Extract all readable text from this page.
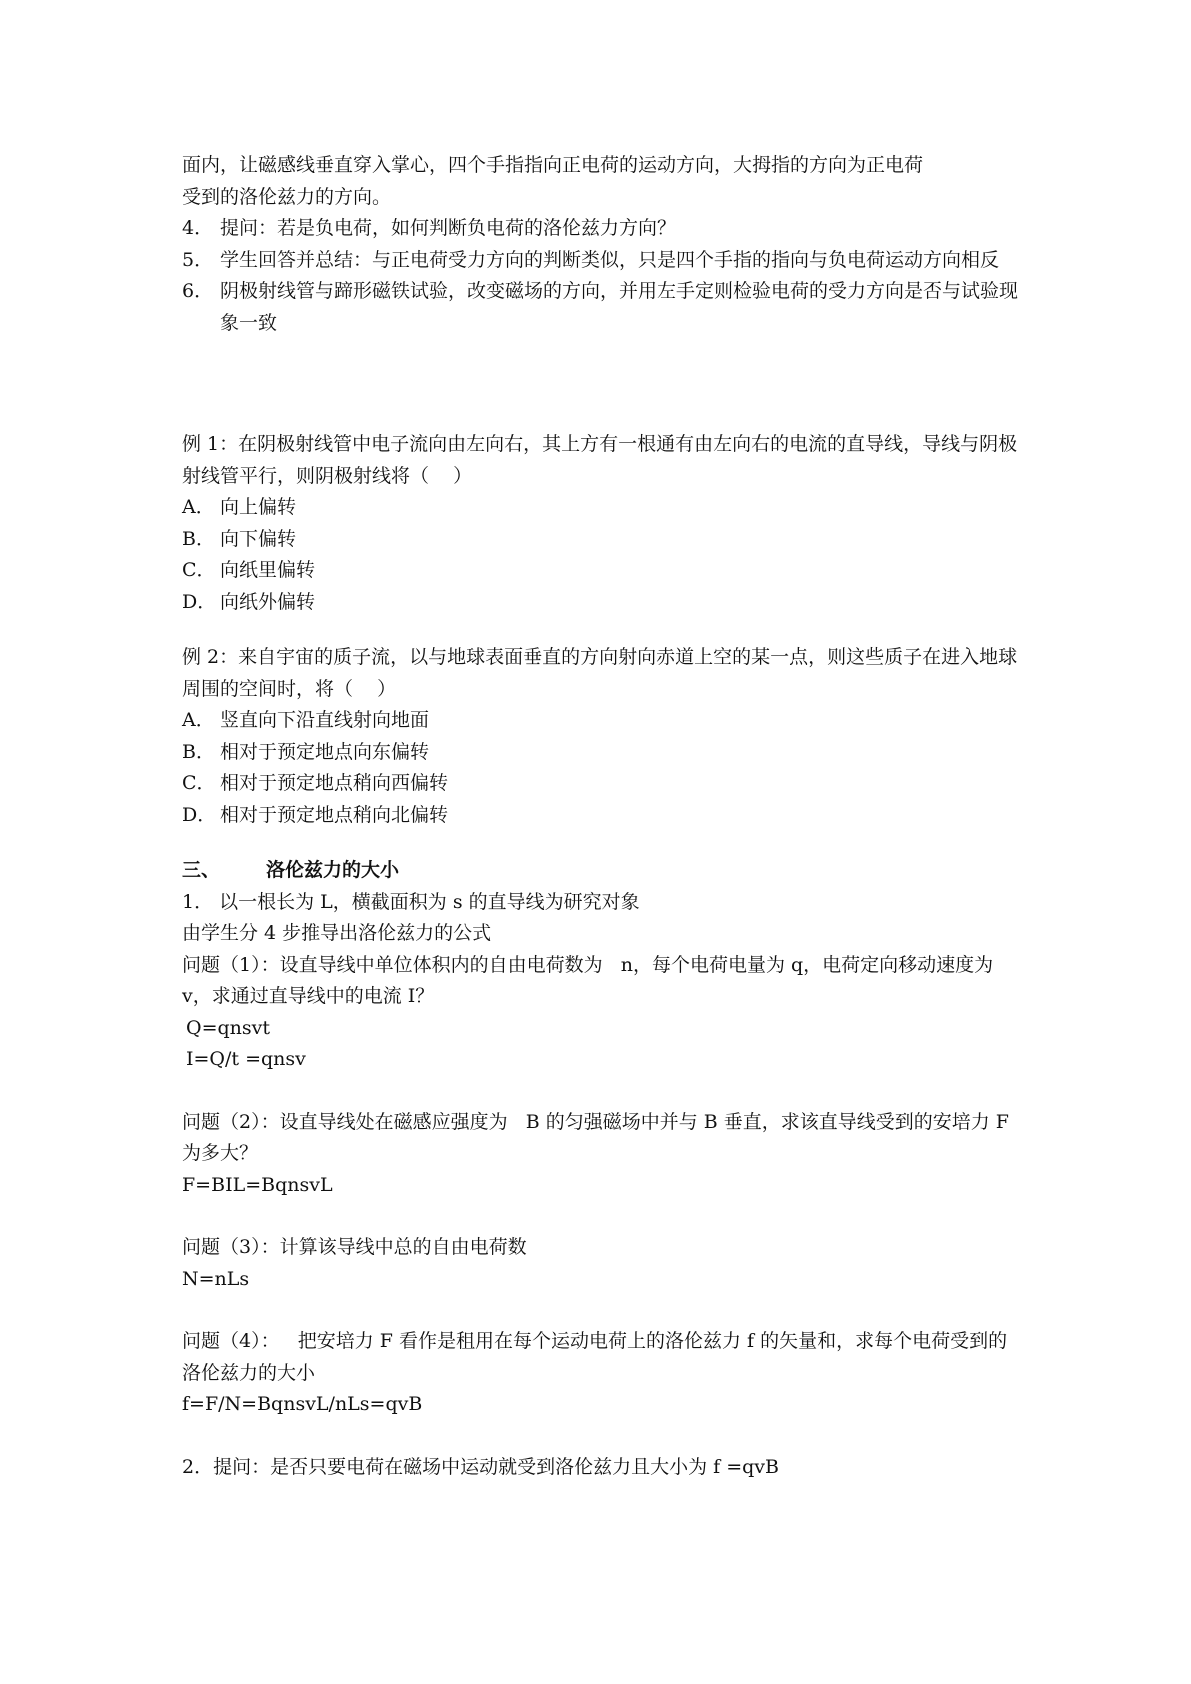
面内，让磁感线垂直穿入掌心，四个手指指向正电荷的运动方向，大拇指的方向为正电荷
受到的洛伦兹力的方向。
4． 提问：若是负电荷，如何判断负电荷的洛伦兹力方向？
5． 学生回答并总结：与正电荷受力方向的判断类似，只是四个手指的指向与负电荷运动方向相反
6． 阴极射线管与蹄形磁铁试验，改变磁场的方向，并用左手定则检验电荷的受力方向是否与试验现象一致
例 1：在阴极射线管中电子流向由左向右，其上方有一根通有由左向右的电流的直导线，导线与阴极射线管平行，则阴极射线将（    ）
A． 向上偏转
B． 向下偏转
C． 向纸里偏转
D． 向纸外偏转
例 2：来自宇宙的质子流，以与地球表面垂直的方向射向赤道上空的某一点，则这些质子在进入地球周围的空间时，将（    ）
A． 竖直向下沿直线射向地面
B． 相对于预定地点向东偏转
C． 相对于预定地点稍向西偏转
D． 相对于预定地点稍向北偏转
三、	洛伦兹力的大小
1． 以一根长为 L，横截面积为 s 的直导线为研究对象
由学生分 4 步推导出洛伦兹力的公式
问题（1）：设直导线中单位体积内的自由电荷数为   n，每个电荷电量为 q，电荷定向移动速度为 v，求通过直导线中的电流 I？
Q=qnsvt
I=Q/t =qnsv
问题（2）：设直导线处在磁感应强度为   B 的匀强磁场中并与 B 垂直，求该直导线受到的安培力 F 为多大？
F=BIL=BqnsvL
问题（3）：计算该导线中总的自由电荷数
N=nLs
问题（4）：   把安培力 F 看作是租用在每个运动电荷上的洛伦兹力 f 的矢量和，求每个电荷受到的洛伦兹力的大小
f=F/N=BqnsvL/nLs=qvB
2．提问：是否只要电荷在磁场中运动就受到洛伦兹力且大小为 f =qvB
